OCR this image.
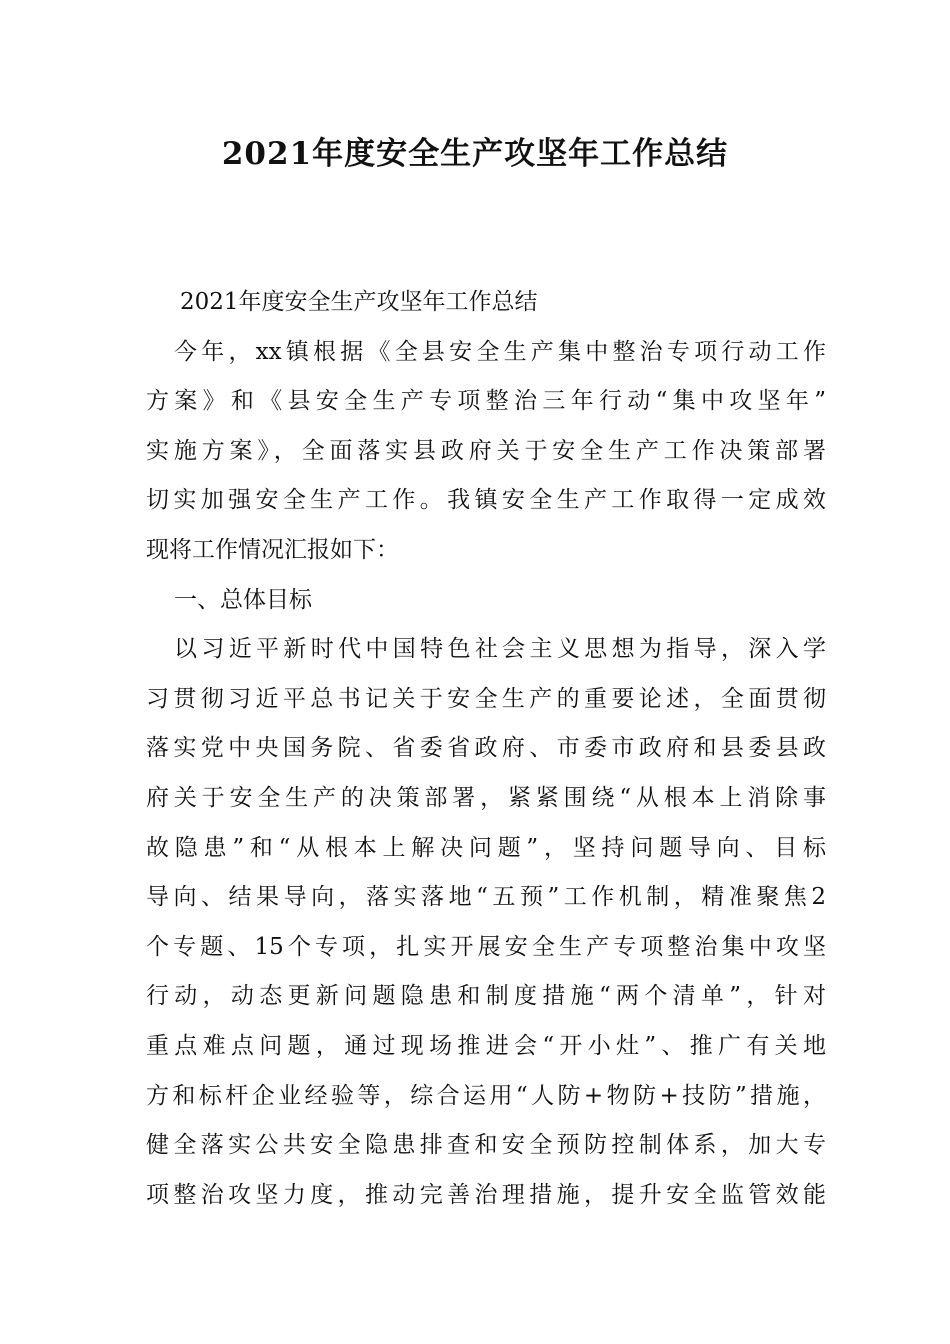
2021年度安全生产攻坚年工作总结
2021年度安全生产攻坚年工作总结
今年，xx镇根据《全县安全生产集中整治专项行动工作
方案》和《县安全生产专项整治三年行动“集中攻坚年”
实施方案》，全面落实县政府关于安全生产工作决策部署
切实加强安全生产工作。我镇安全生产工作取得一定成效
现将工作情况汇报如下：
一、总体目标
以习近平新时代中国特色社会主义思想为指导，深入学
习贯彻习近平总书记关于安全生产的重要论述，全面贯彻
落实党中央国务院、省委省政府、市委市政府和县委县政
府关于安全生产的决策部署，紧紧围绕“从根本上消除事
故隐患”和“从根本上解决问题”，坚持问题导向、目标
导向、结果导向，落实落地“五预”工作机制，精准聚焦2
个专题、15个专项，扎实开展安全生产专项整治集中攻坚
行动，动态更新问题隐患和制度措施“两个清单”，针对
重点难点问题，通过现场推进会“开小灶”、推广有关地
方和标杆企业经验等，综合运用“人防+物防+技防”措施，
健全落实公共安全隐患排查和安全预防控制体系，加大专
项整治攻坚力度，推动完善治理措施，提升安全监管效能
